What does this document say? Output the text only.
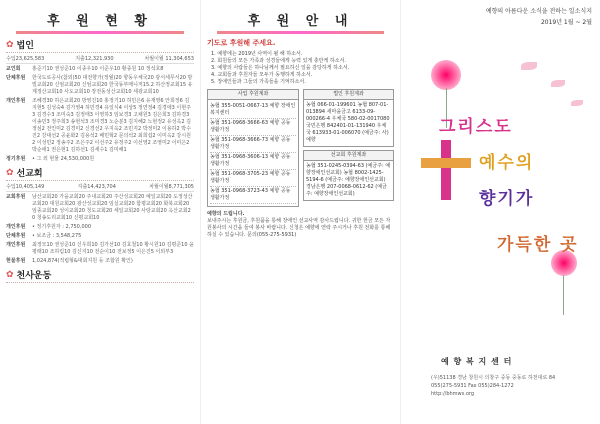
후 원 현 황
✿ 법인
수입23,625,583	지출12,321,930	차월이월 11,304,653
교인회	홍준기10 권성준10 이종우10 이준우10 황종원 10 정석호8
단체후원	한국도로공사(참외)50 대전향가(정월)20 향동우체국20 광서세무서20 방빌교회20 신엄교회20 신엄교회20 한국동부매니저15.2 하산정교회15 유계정산교회10 사도교회10 장전동성산교회10 세광교회10
개인후원	조혜경30 하은교회20 방영진10 홍정기10 허민은6 유재영6 안희정6 김지현5 김성숙4 김가영4 허민경4 유일식4 이상5 정연정4 김경애3 이현주3 김경수3 조미숙3 김정태3 이영하3 임보경3 고채원3 김은희3 김하경3 이송민3 정주희3 송현석3 조미경3 노순분3 김지혜2 노현정2 유성옥2 김정심2 전인미2 김경미2 신경선2 우지옥2 조민지2 박정미2 이용하2 박수진2 강대선2 공윤화2 김용석2 배민혁2 문의석2 최희섭2 이미옥2 강시원2 이성민2 정송주2 조은주2 이선주2 유정주2 이선영2 조영미2 이미은2 박순애1 권은현1 김하선1 김세수1 김미해1
정기후원	• 그 외 현물 24,530,000원
✿ 선교회
수입10,405,149	지출14,423,704	차월이월8,771,305
교회후원	남산교회20 가을교회20 주내교회20 주산성교회20 예일교회20 도정성산교회20 대원교회20 광산성교회20 임실교회20 함평교회20 화북교회20 임종교회20 성이교회20 청도교회20 세일교회20 사랑교회20 옥산교회20 청송도리교회10 신평교회10
개인후원	• 정기후원자 : 2,750,000
단체후원	• 보조금 : 3,548,275
개인후원	최정모10 권성준10 신우희10 김가선10 김효철10 황시원10 김평준10 윤평래10 조하림10 김신지10 전순이10 전보정5 이은진5 이외부3
현물후원	1,024,874(적립형&대회지원 등 조합원 확인)
✿ 천사운동
후 원 안 내
기도로 후원해 주세요.
1. 예향에는 2019년 사역이 될 해 하소서.
2. 회원들의 모든 가족과 성경들에게 능력 있게 충만케 하소서.
3. 예향의 사람들은 하나님께서 필요하신 일을 감당하게 하소서.
4. 교회들과 후원자들 모두가 동행하게 하소서.
5. 장애인들과 그들의 가족들을 기억하소서.
사업 후원계좌
농협 355-0051-0667-13 예향 장애인 복지센터
농협 351-0968-3666-63 예향 공동 생활가정
농협 351-0968-3666-73 예향 공동 생활가정
농협 351-0968-3606-13 예향 공동 생활가정
농협 351-0968-3705-23 예향 공동 생활가정
농협 351-0968-3723-43 예향 공동 생활가정
법인 후원계좌
농협 066-01-199601 농협 807-01-013894 새마을금고 6133-09-000266-4 우체국 580-02-0017080 국민은행 842401-01-131940 우체국 613933-01-006070 (예금주: 사)예향
선교회 후원계좌
농협 351-0245-0394-63 (예금주: 예향장애인선교회) 농협 8002-1425-5194-6 (예금주: 예향장애인선교회) 경남은행 207-0068-0612-62 (예금주: 예향장애인선교회)
예향의 드립니다.
보내주시는 후원금, 후원품을 통해 장애인 선교사역 감사드립니다. 귀한 헌금 모든 자원봉사의 시간을 들여 봉사 바랍니다. 신청은 예향에 연락 주시거나 후원 전화를 통해 하실 수 있습니다. 문의(055-275-5931)
예향의 아름다운 소식을 전하는 일소식지
2019년 1월 ~ 2월
그리스도
예수의
향기가
가득한 곳
예 향 복 지 센 터
(우)51138 경남 창원시 의창구 중동 중동로 하천대로 84
055)275-5931 Fax 055)284-1272
http://bhmws.org
